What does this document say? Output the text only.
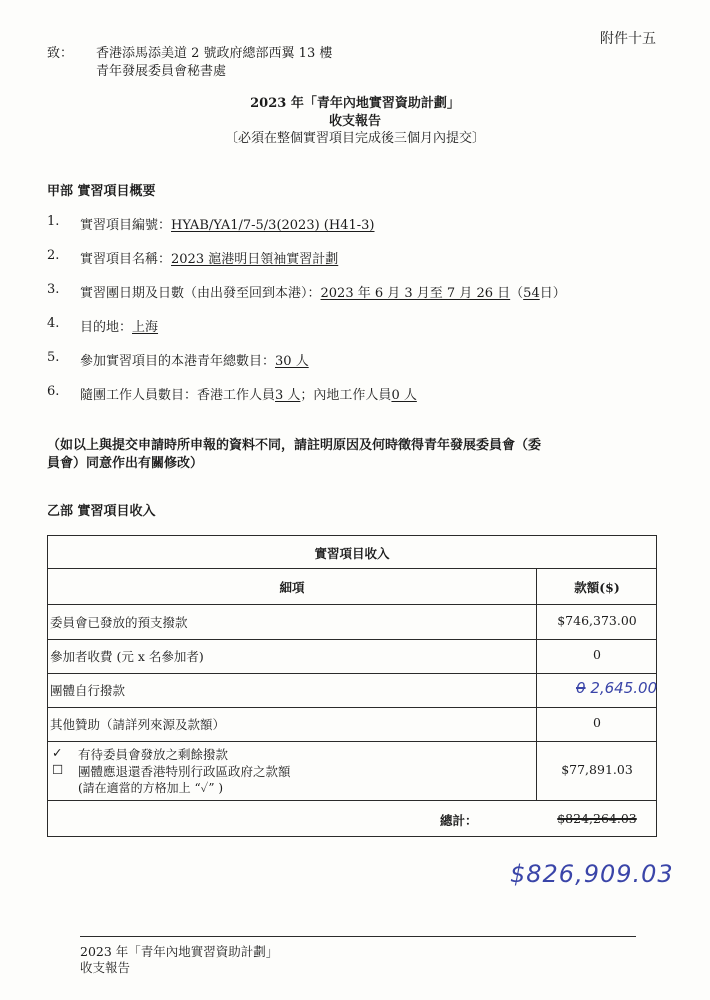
附件十五
致： 香港添馬添美道 2 號政府總部西翼 13 樓
青年發展委員會秘書處
2023 年「青年內地實習資助計劃」
收支報告
〔必須在整個實習項目完成後三個月內提交〕
甲部 實習項目概要
1. 實習項目編號：HYAB/YA1/7-5/3(2023) (H41-3)
2. 實習項目名稱：2023 滬港明日領袖實習計劃
3. 實習團日期及日數（由出發至回到本港）：2023 年 6 月 3 月至 7 月 26 日（54日）
4. 目的地：上海
5. 參加實習項目的本港青年總數目：30 人
6. 隨團工作人員數目：香港工作人員3 人；內地工作人員0 人
（如以上與提交申請時所申報的資料不同，請註明原因及何時徵得青年發展委員會（委
員會）同意作出有關修改）
乙部 實習項目收入
實習項目收入
細項	款額($)
委員會已發放的預支撥款	$746,373.00
參加者收費 (元 x 名參加者)	0
團體自行撥款	0 2,645.00
其他贊助（請詳列來源及款額）	0
✓ 有待委員會發放之剩餘撥款
☐ 團體應退還香港特別行政區政府之款額
(請在適當的方格加上 “✓” )
$77,891.03
總計：	$824,264.03
$826,909.03
2023 年「青年內地實習資助計劃」
收支報告
